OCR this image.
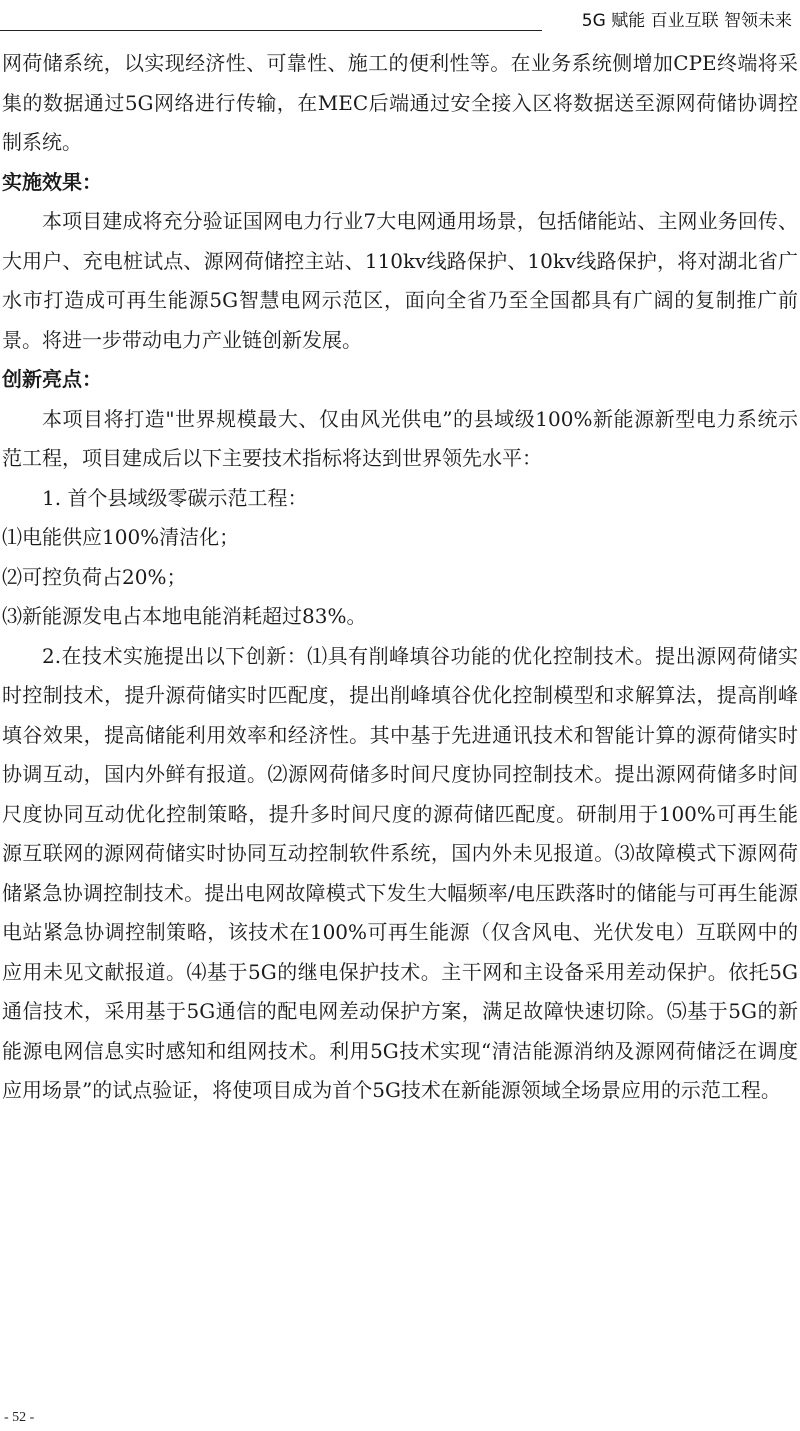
5G 赋能 百业互联 智领未来

网荷储系统，以实现经济性、可靠性、施工的便利性等。在业务系统侧增加CPE终端将采集的数据通过5G网络进行传输，在MEC后端通过安全接入区将数据送至源网荷储协调控制系统。

实施效果：

本项目建成将充分验证国网电力行业7大电网通用场景，包括储能站、主网业务回传、大用户、充电桩试点、源网荷储控主站、110kv线路保护、10kv线路保护，将对湖北省广水市打造成可再生能源5G智慧电网示范区，面向全省乃至全国都具有广阔的复制推广前景。将进一步带动电力产业链创新发展。

创新亮点：

本项目将打造"世界规模最大、仅由风光供电”的县域级100%新能源新型电力系统示范工程，项目建成后以下主要技术指标将达到世界领先水平：

1. 首个县域级零碳示范工程：

⑴电能供应100%清洁化；

⑵可控负荷占20%；

⑶新能源发电占本地电能消耗超过83%。

2.在技术实施提出以下创新：⑴具有削峰填谷功能的优化控制技术。提出源网荷储实时控制技术，提升源荷储实时匹配度，提出削峰填谷优化控制模型和求解算法，提高削峰填谷效果，提高储能利用效率和经济性。其中基于先进通讯技术和智能计算的源荷储实时协调互动，国内外鲜有报道。⑵源网荷储多时间尺度协同控制技术。提出源网荷储多时间尺度协同互动优化控制策略，提升多时间尺度的源荷储匹配度。研制用于100%可再生能源互联网的源网荷储实时协同互动控制软件系统，国内外未见报道。⑶故障模式下源网荷储紧急协调控制技术。提出电网故障模式下发生大幅频率/电压跌落时的储能与可再生能源电站紧急协调控制策略，该技术在100%可再生能源（仅含风电、光伏发电）互联网中的应用未见文献报道。⑷基于5G的继电保护技术。主干网和主设备采用差动保护。依托5G通信技术，采用基于5G通信的配电网差动保护方案，满足故障快速切除。⑸基于5G的新能源电网信息实时感知和组网技术。利用5G技术实现“清洁能源消纳及源网荷储泛在调度应用场景”的试点验证，将使项目成为首个5G技术在新能源领域全场景应用的示范工程。

- 52 -
